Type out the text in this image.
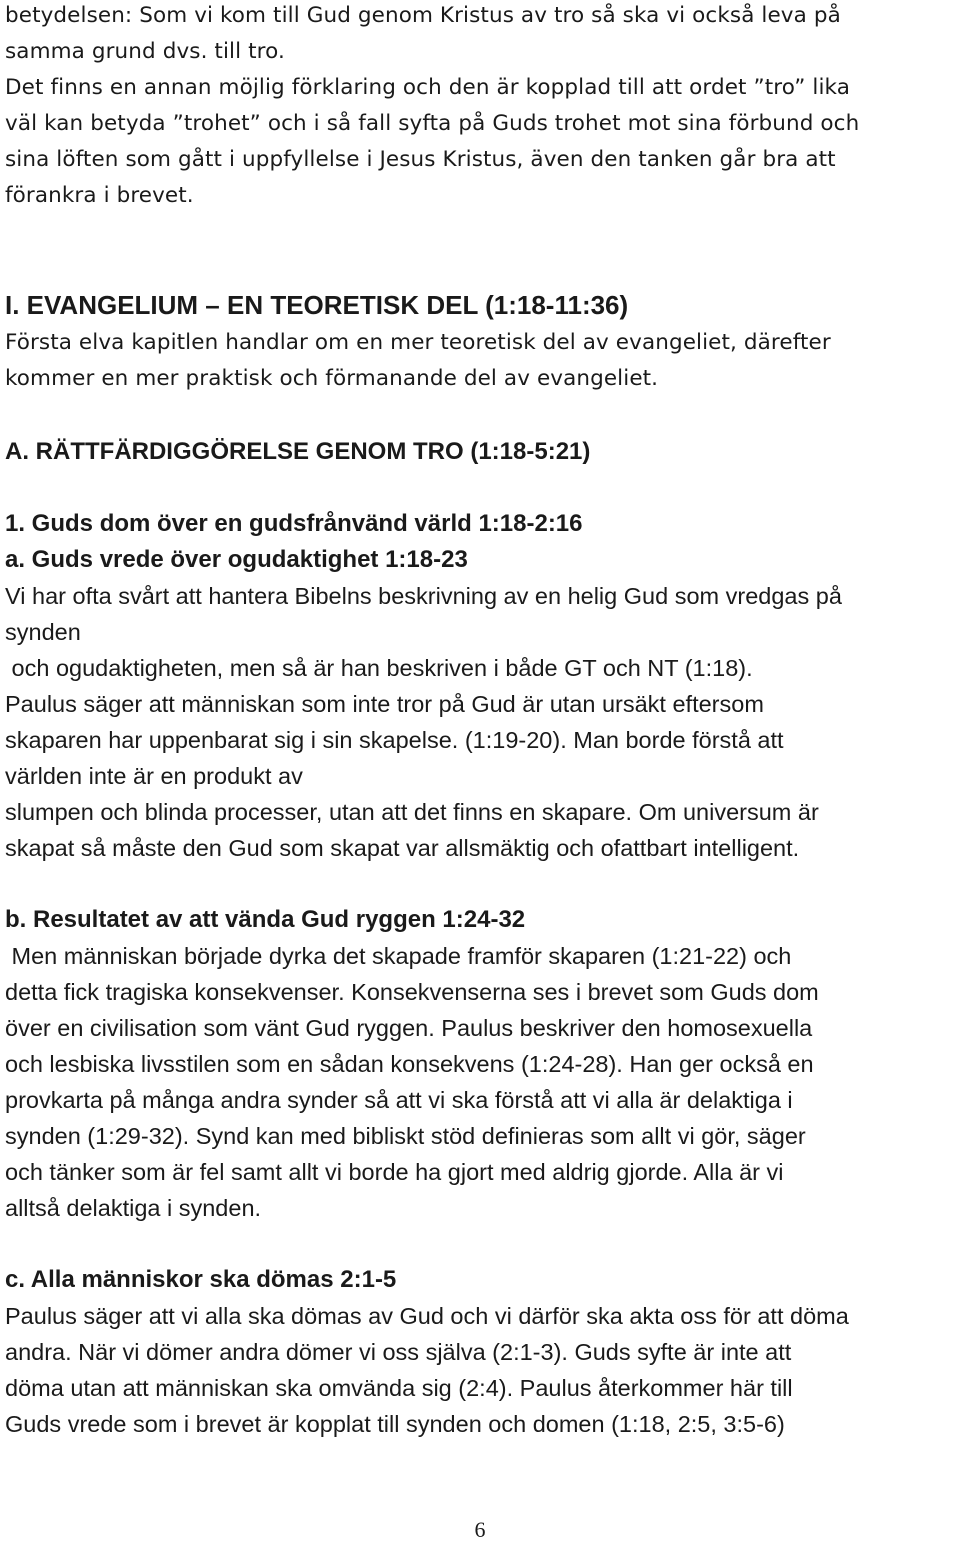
betydelsen: Som vi kom till Gud genom Kristus av tro så ska vi också leva på
samma grund dvs. till tro.
Det finns en annan möjlig förklaring och den är kopplad till att ordet ”tro” lika
väl kan betyda ”trohet” och i så fall syfta på Guds trohet mot sina förbund och
sina löften som gått i uppfyllelse i Jesus Kristus, även den tanken går bra att
förankra i brevet.
I. EVANGELIUM – EN TEORETISK DEL (1:18-11:36)
Första elva kapitlen handlar om en mer teoretisk del av evangeliet, därefter
kommer en mer praktisk och förmanande del av evangeliet.
A. RÄTTFÄRDIGGÖRELSE GENOM TRO (1:18-5:21)
1. Guds dom över en gudsfrånvänd värld 1:18-2:16
a. Guds vrede över ogudaktighet 1:18-23
Vi har ofta svårt att hantera Bibelns beskrivning av en helig Gud som vredgas på
synden
och ogudaktigheten, men så är han beskriven i både GT och NT (1:18).
Paulus säger att människan som inte tror på Gud är utan ursäkt eftersom
skaparen har uppenbarat sig i sin skapelse. (1:19-20). Man borde förstå att
världen inte är en produkt av
slumpen och blinda processer, utan att det finns en skapare. Om universum är
skapat så måste den Gud som skapat var allsmäktig och ofattbart intelligent.
b. Resultatet av att vända Gud ryggen 1:24-32
Men människan började dyrka det skapade framför skaparen (1:21-22) och
detta fick tragiska konsekvenser. Konsekvenserna ses i brevet som Guds dom
över en civilisation som vänt Gud ryggen. Paulus beskriver den homosexuella
och lesbiska livsstilen som en sådan konsekvens (1:24-28). Han ger också en
provkarta på många andra synder så att vi ska förstå att vi alla är delaktiga i
synden (1:29-32). Synd kan med bibliskt stöd definieras som allt vi gör, säger
och tänker som är fel samt allt vi borde ha gjort med aldrig gjorde. Alla är vi
alltså delaktiga i synden.
c. Alla människor ska dömas 2:1-5
Paulus säger att vi alla ska dömas av Gud och vi därför ska akta oss för att döma
andra. När vi dömer andra dömer vi oss själva (2:1-3). Guds syfte är inte att
döma utan att människan ska omvända sig (2:4). Paulus återkommer här till
Guds vrede som i brevet är kopplat till synden och domen (1:18, 2:5, 3:5-6)
6
